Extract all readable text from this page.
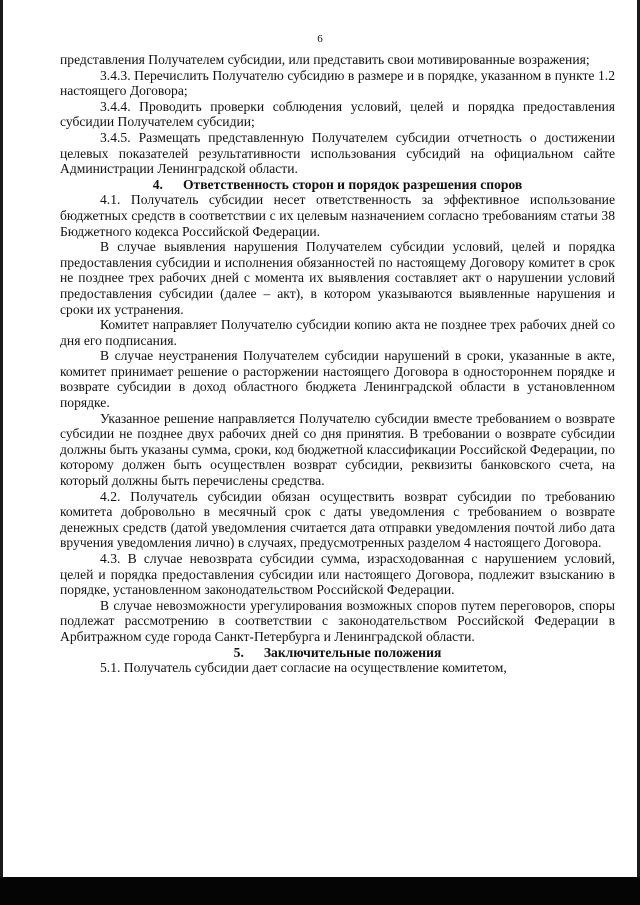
6

представления Получателем субсидии, или представить свои мотивированные возражения;

3.4.3. Перечислить Получателю субсидию в размере и в порядке, указанном в пункте 1.2 настоящего Договора;

3.4.4. Проводить проверки соблюдения условий, целей и порядка предоставления субсидии Получателем субсидии;

3.4.5. Размещать представленную Получателем субсидии отчетность о достижении целевых показателей результативности использования субсидий на официальном сайте Администрации Ленинградской области.

4. Ответственность сторон и порядок разрешения споров

4.1. Получатель субсидии несет ответственность за эффективное использование бюджетных средств в соответствии с их целевым назначением согласно требованиям статьи 38 Бюджетного кодекса Российской Федерации.

В случае выявления нарушения Получателем субсидии условий, целей и порядка предоставления субсидии и исполнения обязанностей по настоящему Договору комитет в срок не позднее трех рабочих дней с момента их выявления составляет акт о нарушении условий предоставления субсидии (далее – акт), в котором указываются выявленные нарушения и сроки их устранения.

Комитет направляет Получателю субсидии копию акта не позднее трех рабочих дней со дня его подписания.

В случае неустранения Получателем субсидии нарушений в сроки, указанные в акте, комитет принимает решение о расторжении настоящего Договора в одностороннем порядке и возврате субсидии в доход областного бюджета Ленинградской области в установленном порядке.

Указанное решение направляется Получателю субсидии вместе требованием о возврате субсидии не позднее двух рабочих дней со дня принятия. В требовании о возврате субсидии должны быть указаны сумма, сроки, код бюджетной классификации Российской Федерации, по которому должен быть осуществлен возврат субсидии, реквизиты банковского счета, на который должны быть перечислены средства.

4.2. Получатель субсидии обязан осуществить возврат субсидии по требованию комитета добровольно в месячный срок с даты уведомления с требованием о возврате денежных средств (датой уведомления считается дата отправки уведомления почтой либо дата вручения уведомления лично) в случаях, предусмотренных разделом 4 настоящего Договора.

4.3. В случае невозврата субсидии сумма, израсходованная с нарушением условий, целей и порядка предоставления субсидии или настоящего Договора, подлежит взысканию в порядке, установленном законодательством Российской Федерации.

В случае невозможности урегулирования возможных споров путем переговоров, споры подлежат рассмотрению в соответствии с законодательством Российской Федерации в Арбитражном суде города Санкт-Петербурга и Ленинградской области.

5. Заключительные положения

5.1. Получатель субсидии дает согласие на осуществление комитетом,
